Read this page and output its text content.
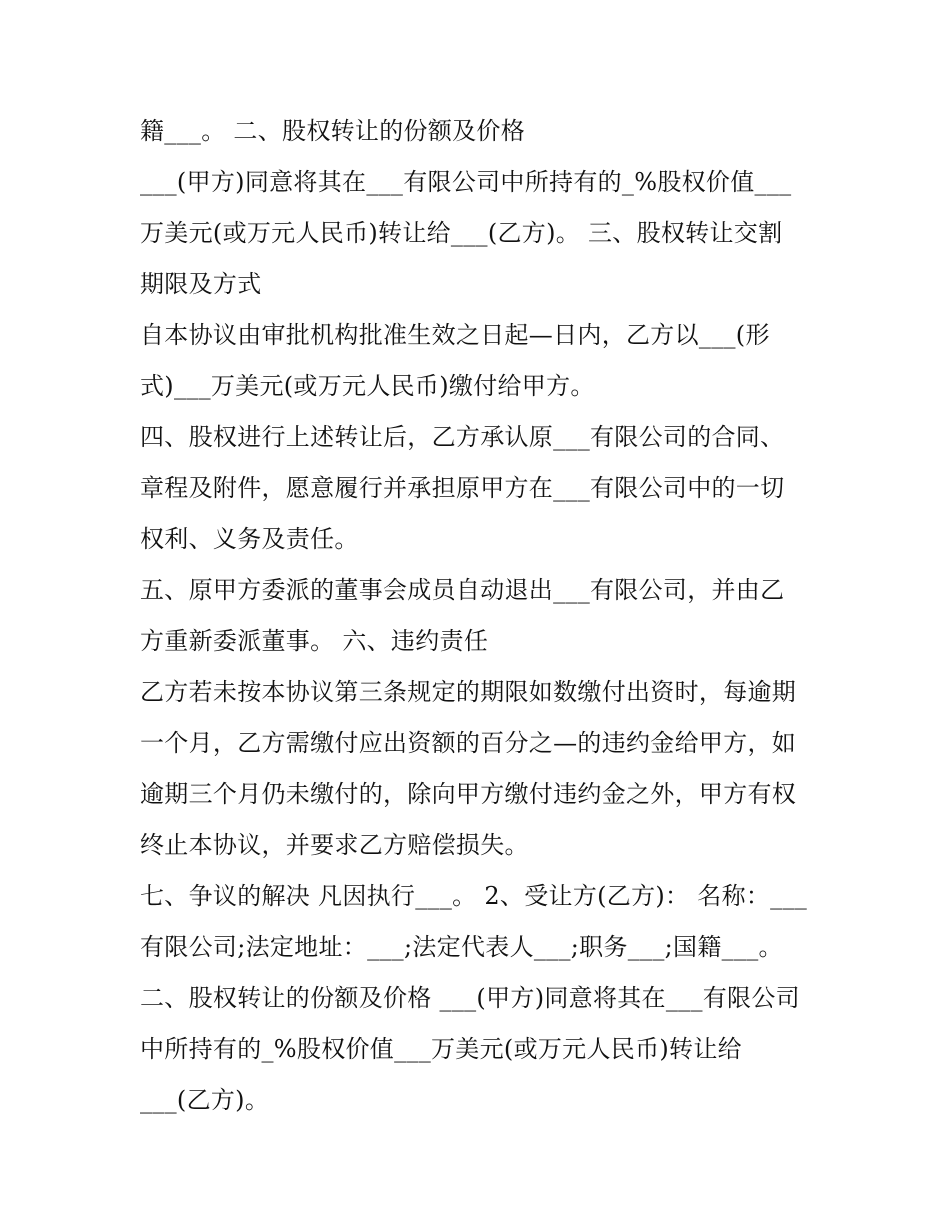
籍___。 二、股权转让的份额及价格
___(甲方)同意将其在___有限公司中所持有的_%股权价值___
万美元(或万元人民币)转让给___(乙方)。 三、股权转让交割
期限及方式
自本协议由审批机构批准生效之日起—日内，乙方以___(形
式)___万美元(或万元人民币)缴付给甲方。
四、股权进行上述转让后，乙方承认原___有限公司的合同、
章程及附件，愿意履行并承担原甲方在___有限公司中的一切
权利、义务及责任。
五、原甲方委派的董事会成员自动退出___有限公司，并由乙
方重新委派董事。 六、违约责任
乙方若未按本协议第三条规定的期限如数缴付出资时，每逾期
一个月，乙方需缴付应出资额的百分之—的违约金给甲方，如
逾期三个月仍未缴付的，除向甲方缴付违约金之外，甲方有权
终止本协议，并要求乙方赔偿损失。
七、争议的解决 凡因执行___。 2、受让方(乙方)： 名称：___
有限公司;法定地址：___;法定代表人___;职务___;国籍___。
二、股权转让的份额及价格 ___(甲方)同意将其在___有限公司
中所持有的_%股权价值___万美元(或万元人民币)转让给
___(乙方)。
